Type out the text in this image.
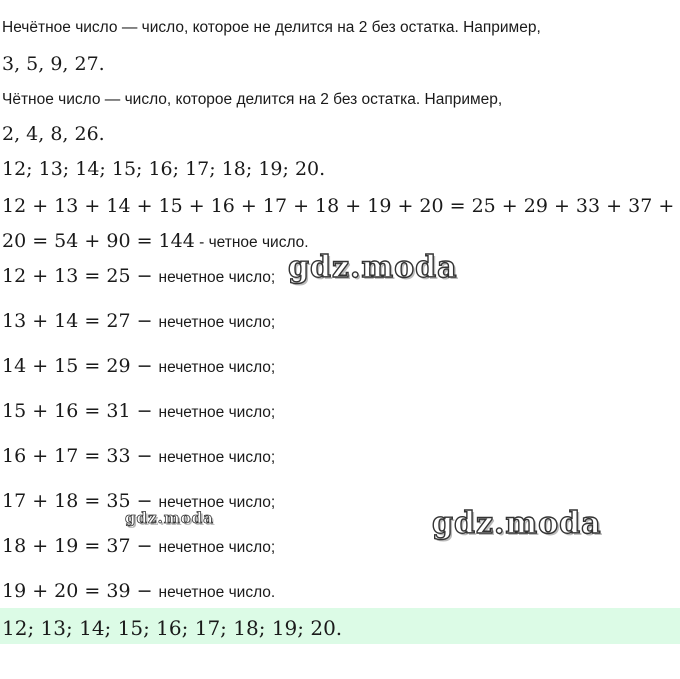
Нечётное число — число, которое не делится на 2 без остатка. Например,
3, 5, 9, 27.
Чётное число — число, которое делится на 2 без остатка. Например,
2, 4, 8, 26.
12; 13; 14; 15; 16; 17; 18; 19; 20.
12 + 13 + 14 + 15 + 16 + 17 + 18 + 19 + 20 = 25 + 29 + 33 + 37 +
20 = 54 + 90 = 144 - четное число.
12 + 13 = 25 − нечетное число;
13 + 14 = 27 − нечетное число;
14 + 15 = 29 − нечетное число;
15 + 16 = 31 − нечетное число;
16 + 17 = 33 − нечетное число;
17 + 18 = 35 − нечетное число;
18 + 19 = 37 − нечетное число;
19 + 20 = 39 − нечетное число.
12; 13; 14; 15; 16; 17; 18; 19; 20.
gdz.moda
gdz.moda	gdz.moda
